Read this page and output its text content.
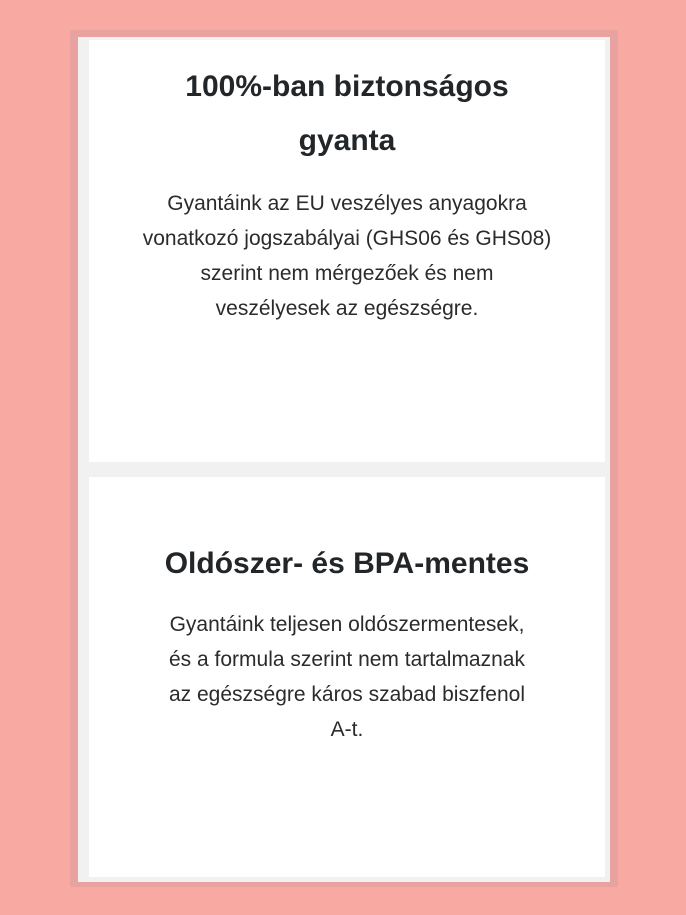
100%-ban biztonságos gyanta

Gyantáink az EU veszélyes anyagokra vonatkozó jogszabályai (GHS06 és GHS08) szerint nem mérgezőek és nem veszélyesek az egészségre.

Oldószer- és BPA-mentes

Gyantáink teljesen oldószermentesek, és a formula szerint nem tartalmaznak az egészségre káros szabad biszfenol A-t.
